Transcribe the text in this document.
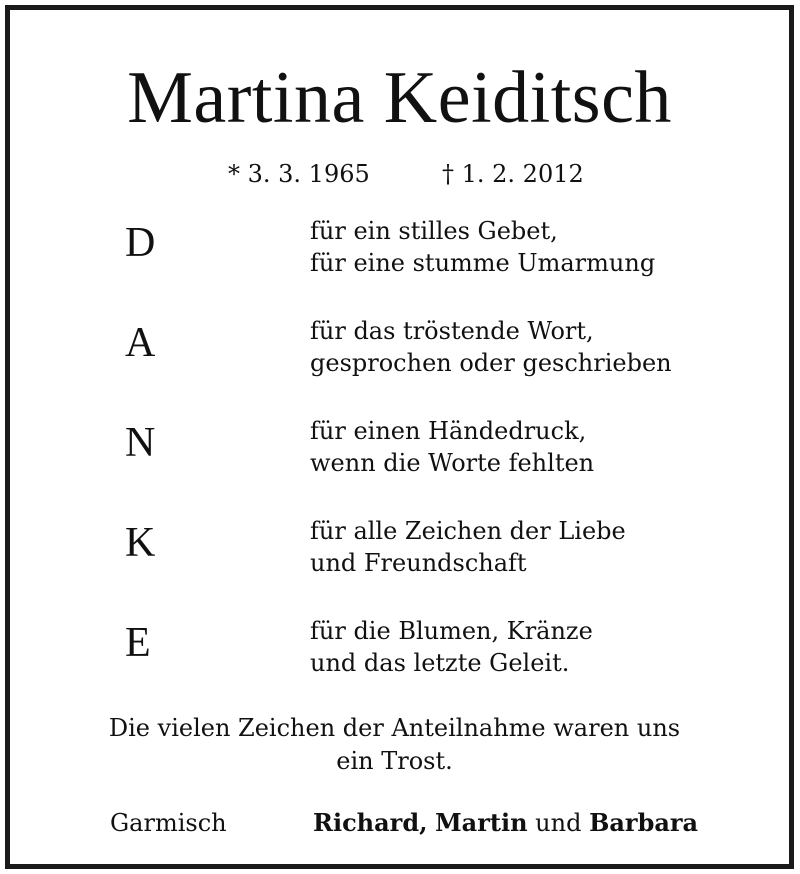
Martina Keiditsch
* 3. 3. 1965	† 1. 2. 2012
D	für ein stilles Gebet,
für eine stumme Umarmung
A	für das tröstende Wort,
gesprochen oder geschrieben
N	für einen Händedruck,
wenn die Worte fehlten
K	für alle Zeichen der Liebe
und Freundschaft
E	für die Blumen, Kränze
und das letzte Geleit.
Die vielen Zeichen der Anteilnahme waren uns
ein Trost.
Garmisch	Richard, Martin und Barbara
